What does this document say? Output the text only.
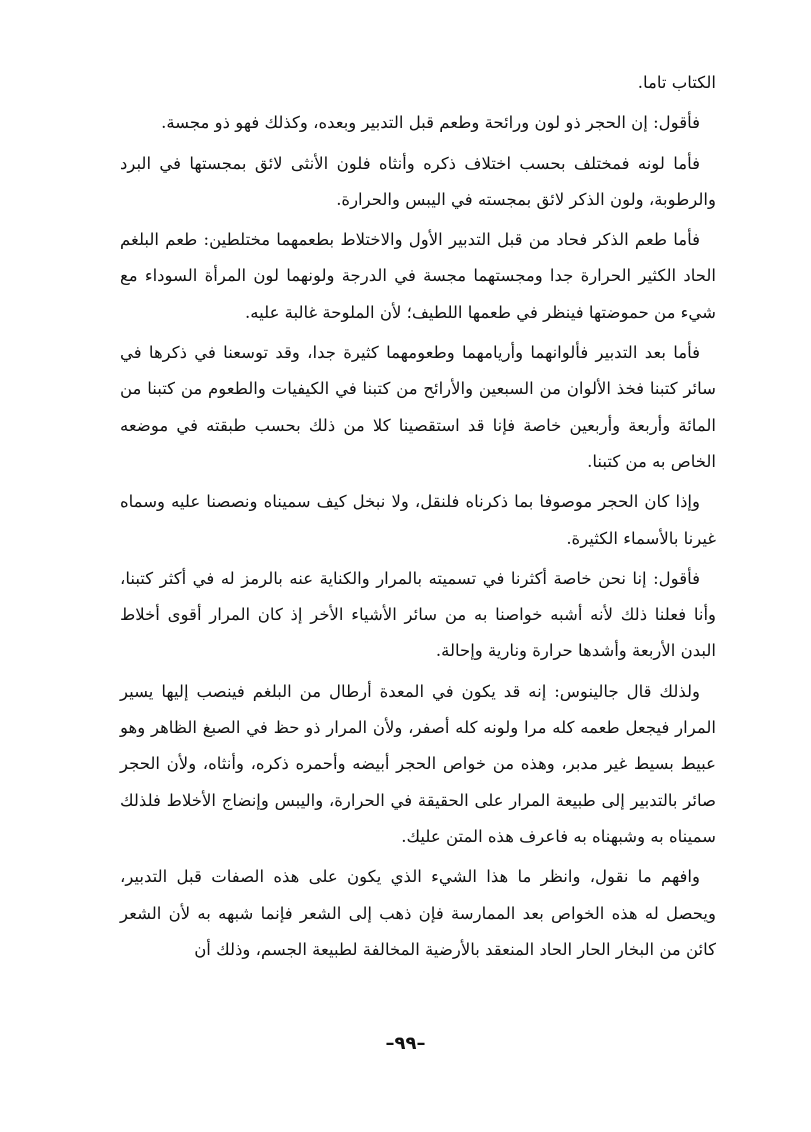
الكتاب تاما.

فأقول: إن الحجر ذو لون ورائحة وطعم قبل التدبير وبعده، وكذلك فهو ذو مجسة.

فأما لونه فمختلف بحسب اختلاف ذكره وأنثاه فلون الأنثى لائق بمجستها في البرد والرطوبة، ولون الذكر لائق بمجسته في اليبس والحرارة.

فأما طعم الذكر فحاد من قبل التدبير الأول والاختلاط بطعمهما مختلطين: طعم البلغم الحاد الكثير الحرارة جدا ومجستهما مجسة في الدرجة ولونهما لون المرأة السوداء مع شيء من حموضتها فينظر في طعمها اللطيف؛ لأن الملوحة غالبة عليه.

فأما بعد التدبير فألوانهما وأريامهما وطعومهما كثيرة جدا، وقد توسعنا في ذكرها في سائر كتبنا فخذ الألوان من السبعين والأرائح من كتبنا في الكيفيات والطعوم من كتبنا من المائة وأربعة وأربعين خاصة فإنا قد استقصينا كلا من ذلك بحسب طبقته في موضعه الخاص به من كتبنا.

وإذا كان الحجر موصوفا بما ذكرناه فلنقل، ولا نبخل كيف سميناه ونصصنا عليه وسماه غيرنا بالأسماء الكثيرة.

فأقول: إنا نحن خاصة أكثرنا في تسميته بالمرار والكناية عنه بالرمز له في أكثر كتبنا، وأنا فعلنا ذلك لأنه أشبه خواصنا به من سائر الأشياء الأخر إذ كان المرار أقوى أخلاط البدن الأربعة وأشدها حرارة ونارية وإحالة.

ولذلك قال جالينوس: إنه قد يكون في المعدة أرطال من البلغم فينصب إليها يسير المرار فيجعل طعمه كله مرا ولونه كله أصفر، ولأن المرار ذو حظ في الصبغ الظاهر وهو عبيط بسيط غير مدبر، وهذه من خواص الحجر أبيضه وأحمره ذكره، وأنثاه، ولأن الحجر صائر بالتدبير إلى طبيعة المرار على الحقيقة في الحرارة، واليبس وإنضاج الأخلاط فلذلك سميناه به وشبهناه به فاعرف هذه المتن عليك.

وافهم ما نقول، وانظر ما هذا الشيء الذي يكون على هذه الصفات قبل التدبير، ويحصل له هذه الخواص بعد الممارسة فإن ذهب إلى الشعر فإنما شبهه به لأن الشعر كائن من البخار الحار الحاد المنعقد بالأرضية المخالفة لطبيعة الجسم، وذلك أن

–٩٩–
